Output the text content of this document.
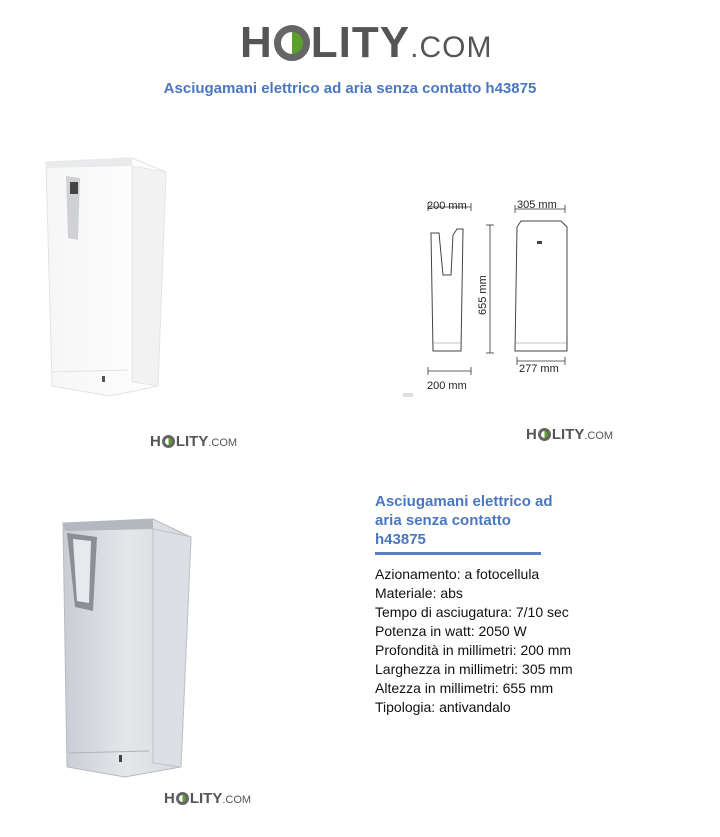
H LITY .COM
Asciugamani elettrico ad aria senza contatto h43875
200 mm
655 mm
200 mm
305 mm
277 mm
H LITY .COM	H LITY .COM
H LITY .COM
Asciugamani elettrico ad
aria senza contatto
h43875
Azionamento: a fotocellula
Materiale: abs
Tempo di asciugatura: 7/10 sec
Potenza in watt: 2050 W
Profondità in millimetri: 200 mm
Larghezza in millimetri: 305 mm
Altezza in millimetri: 655 mm
Tipologia: antivandalo
